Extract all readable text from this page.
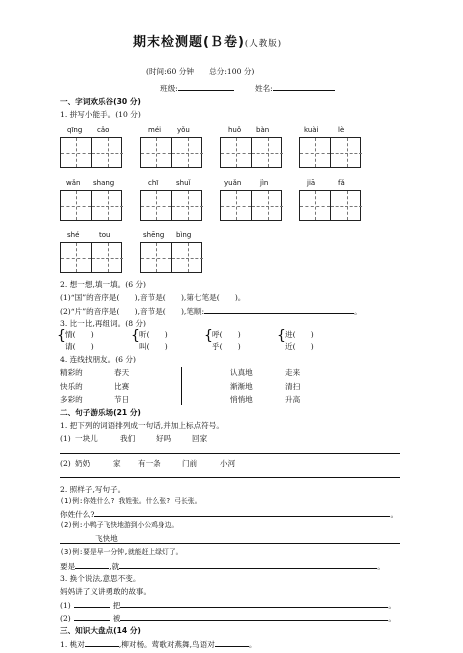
期末检测题(Ｂ卷)(人教版)
(时间:60 分钟　　总分:100 分)
班级:	姓名:
一、字词欢乐谷(30 分)
1. 拼写小能手。(10 分)
qīng cǎo	méi yǒu	huǒ bàn	kuài	lè
wǎn shang	chī	shuǐ	yuǎn	jìn	jiā	fǎ
shé	tou	shēng bìng
2. 想一想,填一填。(6 分)
(1)“国”的音序是(　　),音节是(　　),第七笔是(　　)。
(2)“片”的音序是(　　),音节是(　　),笔顺:	。
3. 比一比,再组词。(8 分)
{ 情(　　)
请(　　)
{ 听(　　)
叫(　　)
{ 呼(　　)
乎(　　)
{ 进(　　)
近(　　)
4. 连线找朋友。(6 分)
精彩的
快乐的
多彩的
春天
比赛
节日
认真地
渐渐地
悄悄地
走来
清扫
升高
二、句子游乐场(21 分)
1. 把下列的词语排列成一句话,并加上标点符号。
(1) 一块儿	我们	好吗	回家
(2) 奶奶	家 有一条	门前	小河
2. 照样子,写句子。
(1)例:你姓什么? 我姓张。什么张? 弓长张。
你姓什么?	。
(2)例:小鸭子飞快地游到小公鸡身边。
飞快地
(3)例:要是早一分钟,就能赶上绿灯了。
要是	,就	。
3. 换个说法,意思不变。
妈妈讲了义讲勇敢的故事。
(1)	把	。
(2)	被	。
三、知识大盘点(14 分)
1. 桃对	,柳对杨。莺歌对燕舞,鸟语对	。
